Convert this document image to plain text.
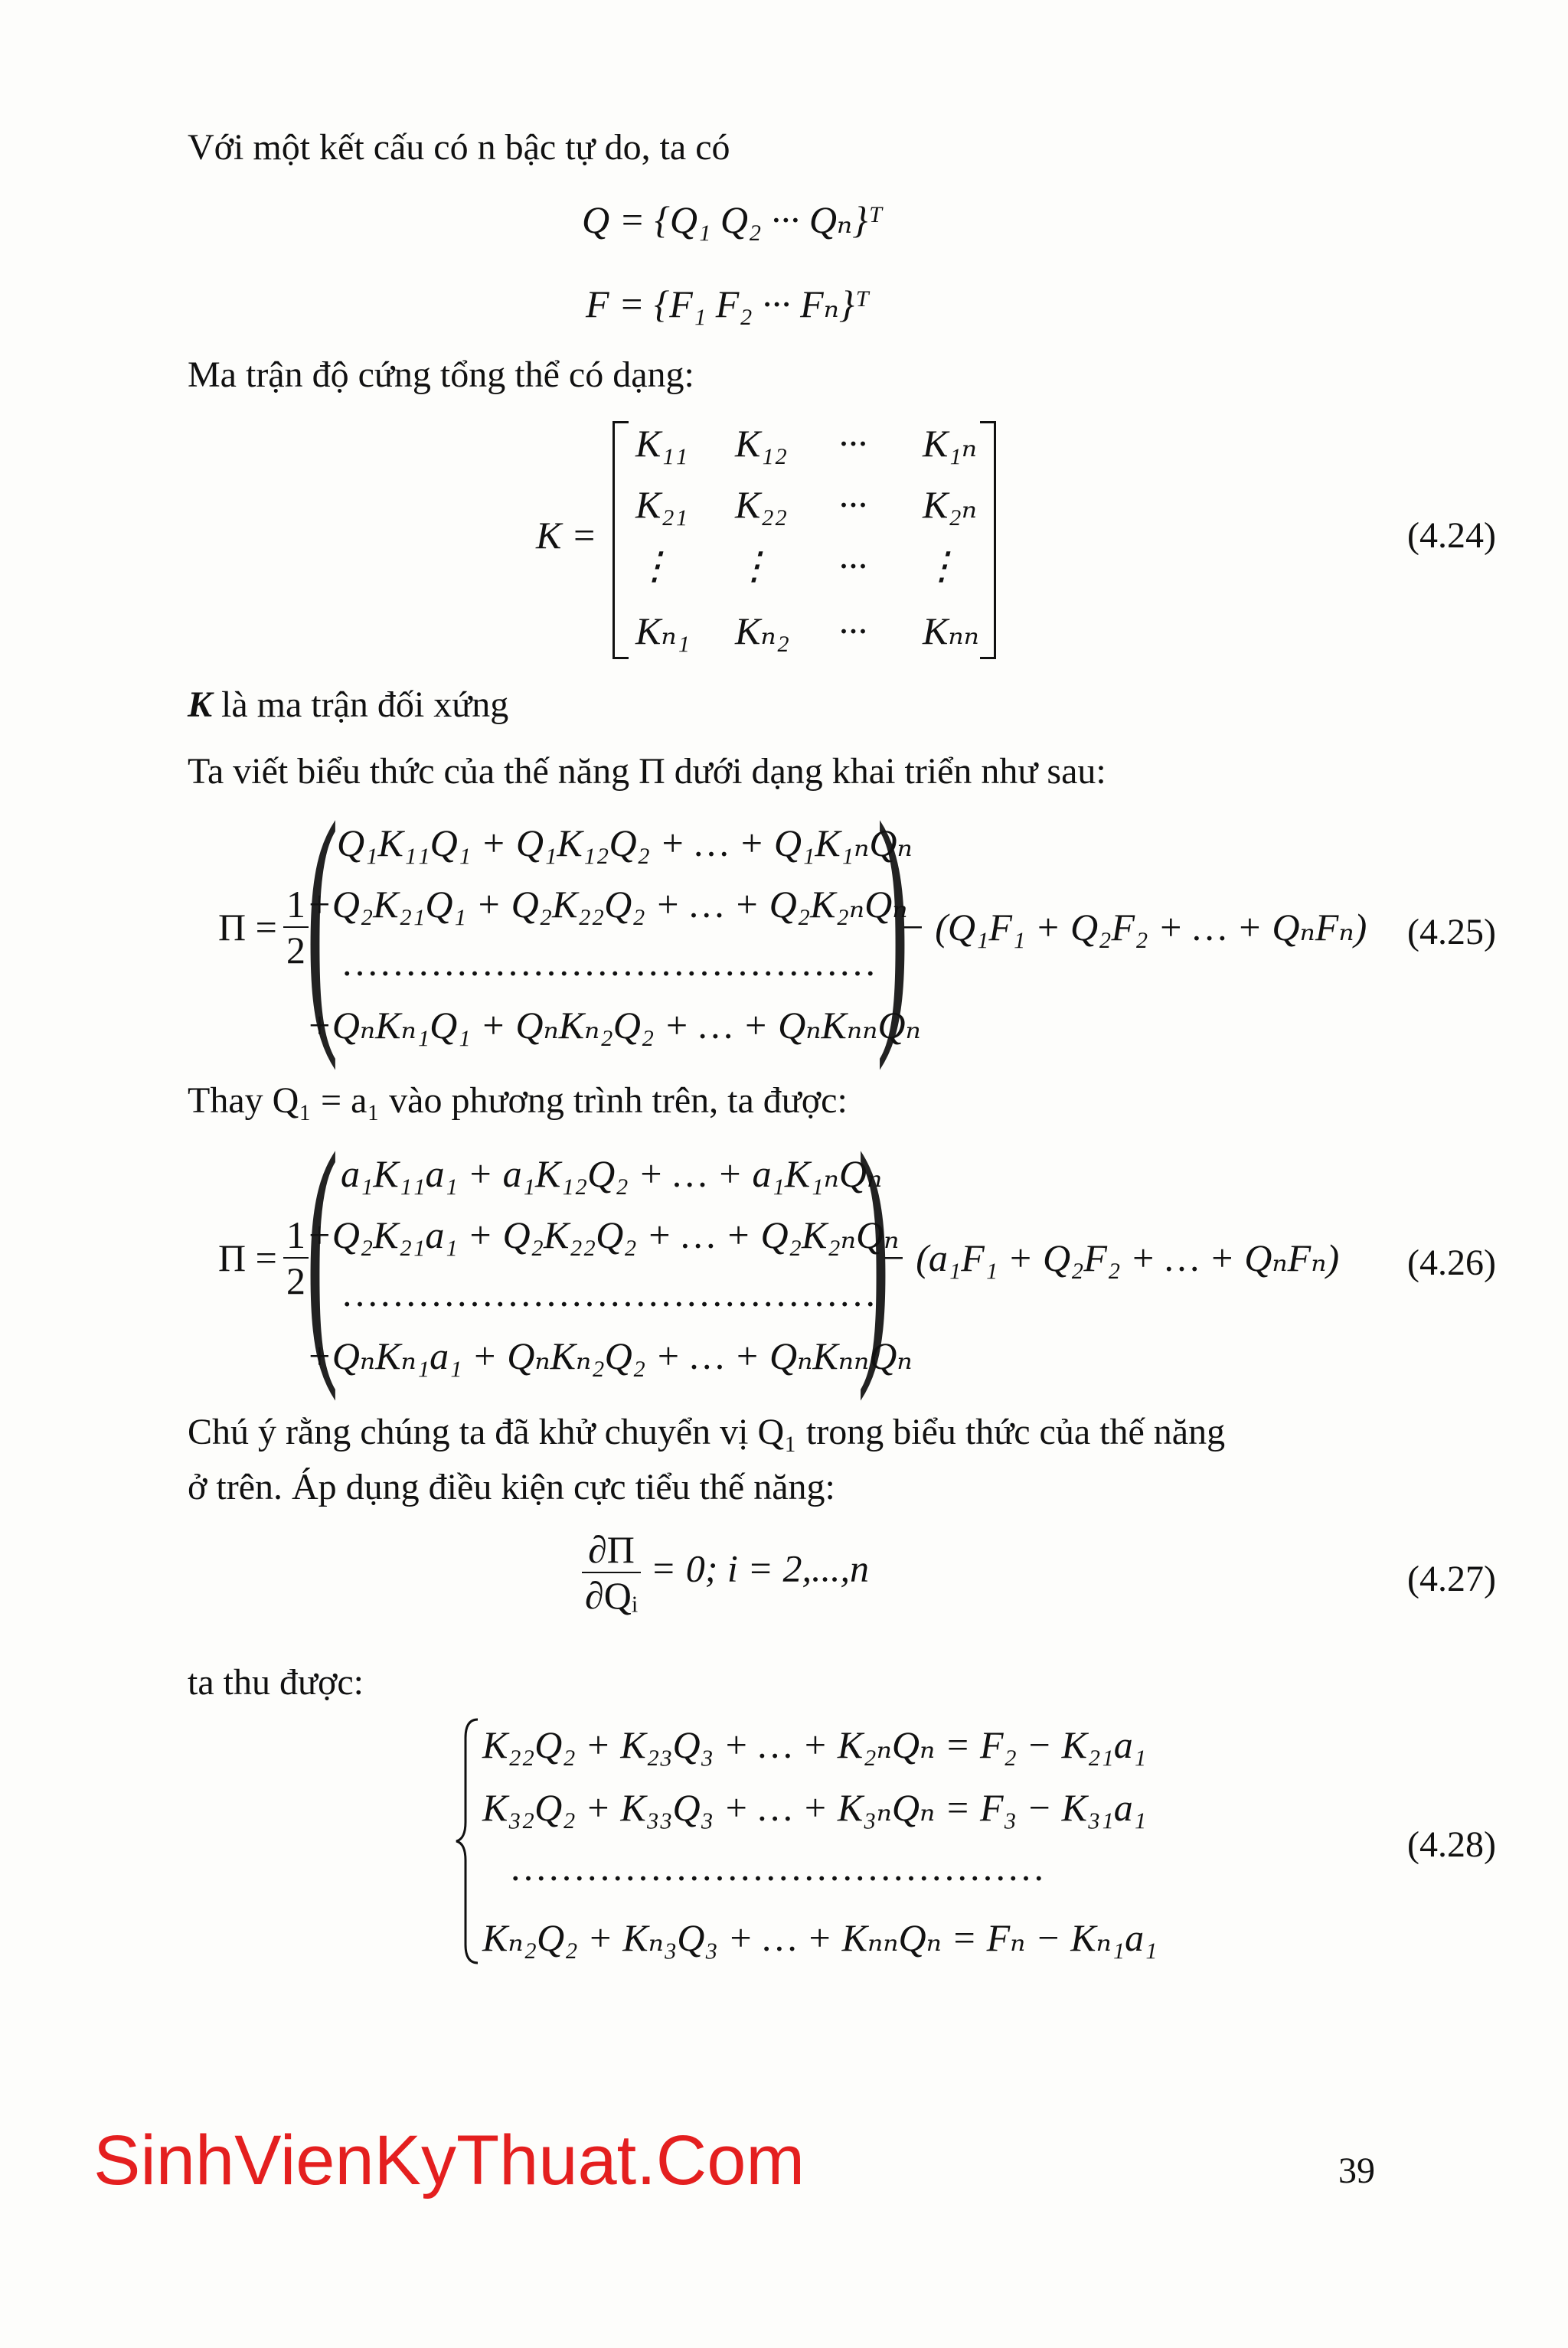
Với một kết cấu có n bậc tự do, ta có
Q = {Q₁ Q₂ ··· Qₙ}ᵀ
F = {F₁ F₂ ··· Fₙ}ᵀ
Ma trận độ cứng tổng thể có dạng:
K =
K₁₁ K₁₂ ··· K₁ₙ
K₂₁ K₂₂ ··· K₂ₙ
⋮ ⋮ ··· ⋮
Kₙ₁ Kₙ₂ ··· Kₙₙ
(4.24)
K là ma trận đối xứng
Ta viết biểu thức của thế năng Π dưới dạng khai triển như sau:
$\Pi = \frac{1}{2}$
( )
Q₁K₁₁Q₁ + Q₁K₁₂Q₂ + … + Q₁K₁ₙQₙ
+Q₂K₂₁Q₁ + Q₂K₂₂Q₂ + … + Q₂K₂ₙQₙ
……………………………………
+QₙKₙ₁Q₁ + QₙKₙ₂Q₂ + … + QₙKₙₙQₙ
− (Q₁F₁ + Q₂F₂ + … + QₙFₙ) (4.25)
Thay Q₁ = a₁ vào phương trình trên, ta được:
$\Pi = \frac{1}{2}$
( )
a₁K₁₁a₁ + a₁K₁₂Q₂ + … + a₁K₁ₙQₙ
+Q₂K₂₁a₁ + Q₂K₂₂Q₂ + … + Q₂K₂ₙQₙ
……………………………………
+QₙKₙ₁a₁ + QₙKₙ₂Q₂ + … + QₙKₙₙQₙ
− (a₁F₁ + Q₂F₂ + … + QₙFₙ) (4.26)
Chú ý rằng chúng ta đã khử chuyển vị Q₁ trong biểu thức của thế năng
ở trên. Áp dụng điều kiện cực tiểu thế năng:
$\frac{\partial\Pi}{\text{∂Qᵢ}} = 0$; i = 2,...,n	(4.27)
ta thu được:
K₂₂Q₂ + K₂₃Q₃ + … + K₂ₙQₙ = F₂ − K₂₁a₁
K₃₂Q₂ + K₃₃Q₃ + … + K₃ₙQₙ = F₃ − K₃₁a₁
……………………………………
Kₙ₂Q₂ + Kₙ₃Q₃ + … + KₙₙQₙ = Fₙ − Kₙ₁a₁
(4.28)
SinhVienKyThuat.Com	39
